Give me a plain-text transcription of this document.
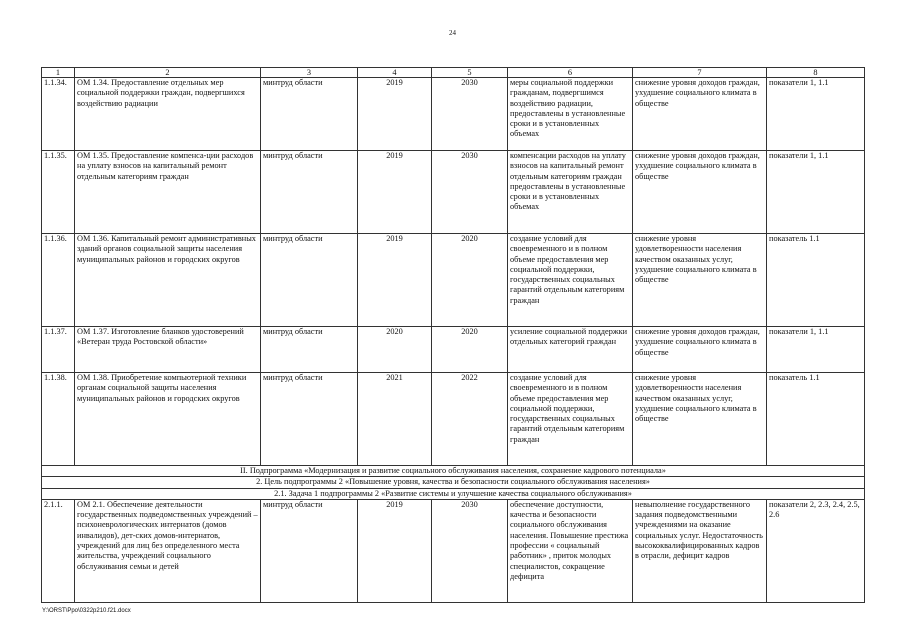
24
1	2	3	4	5	6	7	8
1.1.34.	ОМ 1.34. Предоставление отдельных мер социальной поддержки граждан, подвергшихся воздействию радиации	минтруд области	2019	2030	меры социальной поддержки гражданам, подвергшимся воздействию радиации, предоставлены в установленные сроки и в установленных объемах	снижение уровня доходов граждан, ухудшение социального климата в обществе	показатели 1, 1.1
1.1.35.	ОМ 1.35. Предоставление компенса-ции расходов на уплату взносов на капитальный ремонт отдельным категориям граждан	минтруд области	2019	2030	компенсации расходов на уплату взносов на капитальный ремонт отдельным категориям граждан предоставлены в установленные сроки и в установленных объемах	снижение уровня доходов граждан, ухудшение социального климата в обществе	показатели 1, 1.1
1.1.36.	ОМ 1.36. Капитальный ремонт административных зданий органов социальной защиты населения муниципальных районов и городских округов	минтруд области	2019	2020	создание условий для своевременного и в полном объеме предоставления мер социальной поддержки, государственных социальных гарантий отдельным категориям граждан	снижение уровня удовлетворенности населения качеством оказанных услуг, ухудшение социального климата в обществе	показатель 1.1
1.1.37.	ОМ 1.37. Изготовление бланков удостоверений «Ветеран труда Ростовской области»	минтруд области	2020	2020	усиление социальной поддержки отдельных категорий граждан	снижение уровня доходов граждан, ухудшение социального климата в обществе	показатели 1, 1.1
1.1.38.	ОМ 1.38. Приобретение компьютерной техники органам социальной защиты населения муниципальных районов и городских округов	минтруд области	2021	2022	создание условий для своевременного и в полном объеме предоставления мер социальной поддержки, государственных социальных гарантий отдельным категориям граждан	снижение уровня удовлетворенности населения качеством оказанных услуг, ухудшение социального климата в обществе	показатель 1.1
II. Подпрограмма «Модернизация и развитие социального обслуживания населения, сохранение кадрового потенциала»							
2. Цель подпрограммы 2 «Повышение уровня, качества и безопасности социального обслуживания населения»							
2.1. Задача 1 подпрограммы 2 «Развитие системы и улучшение качества социального обслуживания»							
2.1.1.	ОМ 2.1. Обеспечение деятельности государственных подведомственных учреждений – психоневрологических интернатов (домов инвалидов), дет-ских домов-интернатов, учреждений для лиц без определенного места жительства, учреждений социального обслуживания семьи и детей	минтруд области	2019	2030	обеспечение доступности, качества и безопасности социального обслуживания населения. Повышение престижа профессии « социальный работник» , приток молодых специалистов, сокращение дефицита	невыполнение государственного задания подведомственными учреждениями на оказание социальных услуг. Недостаточность высококвалифицированных кадров в отрасли, дефицит кадров	показатели 2, 2.3, 2.4, 2.5, 2.6
Y:\ORST\Ppo\0322p210.f21.docx
